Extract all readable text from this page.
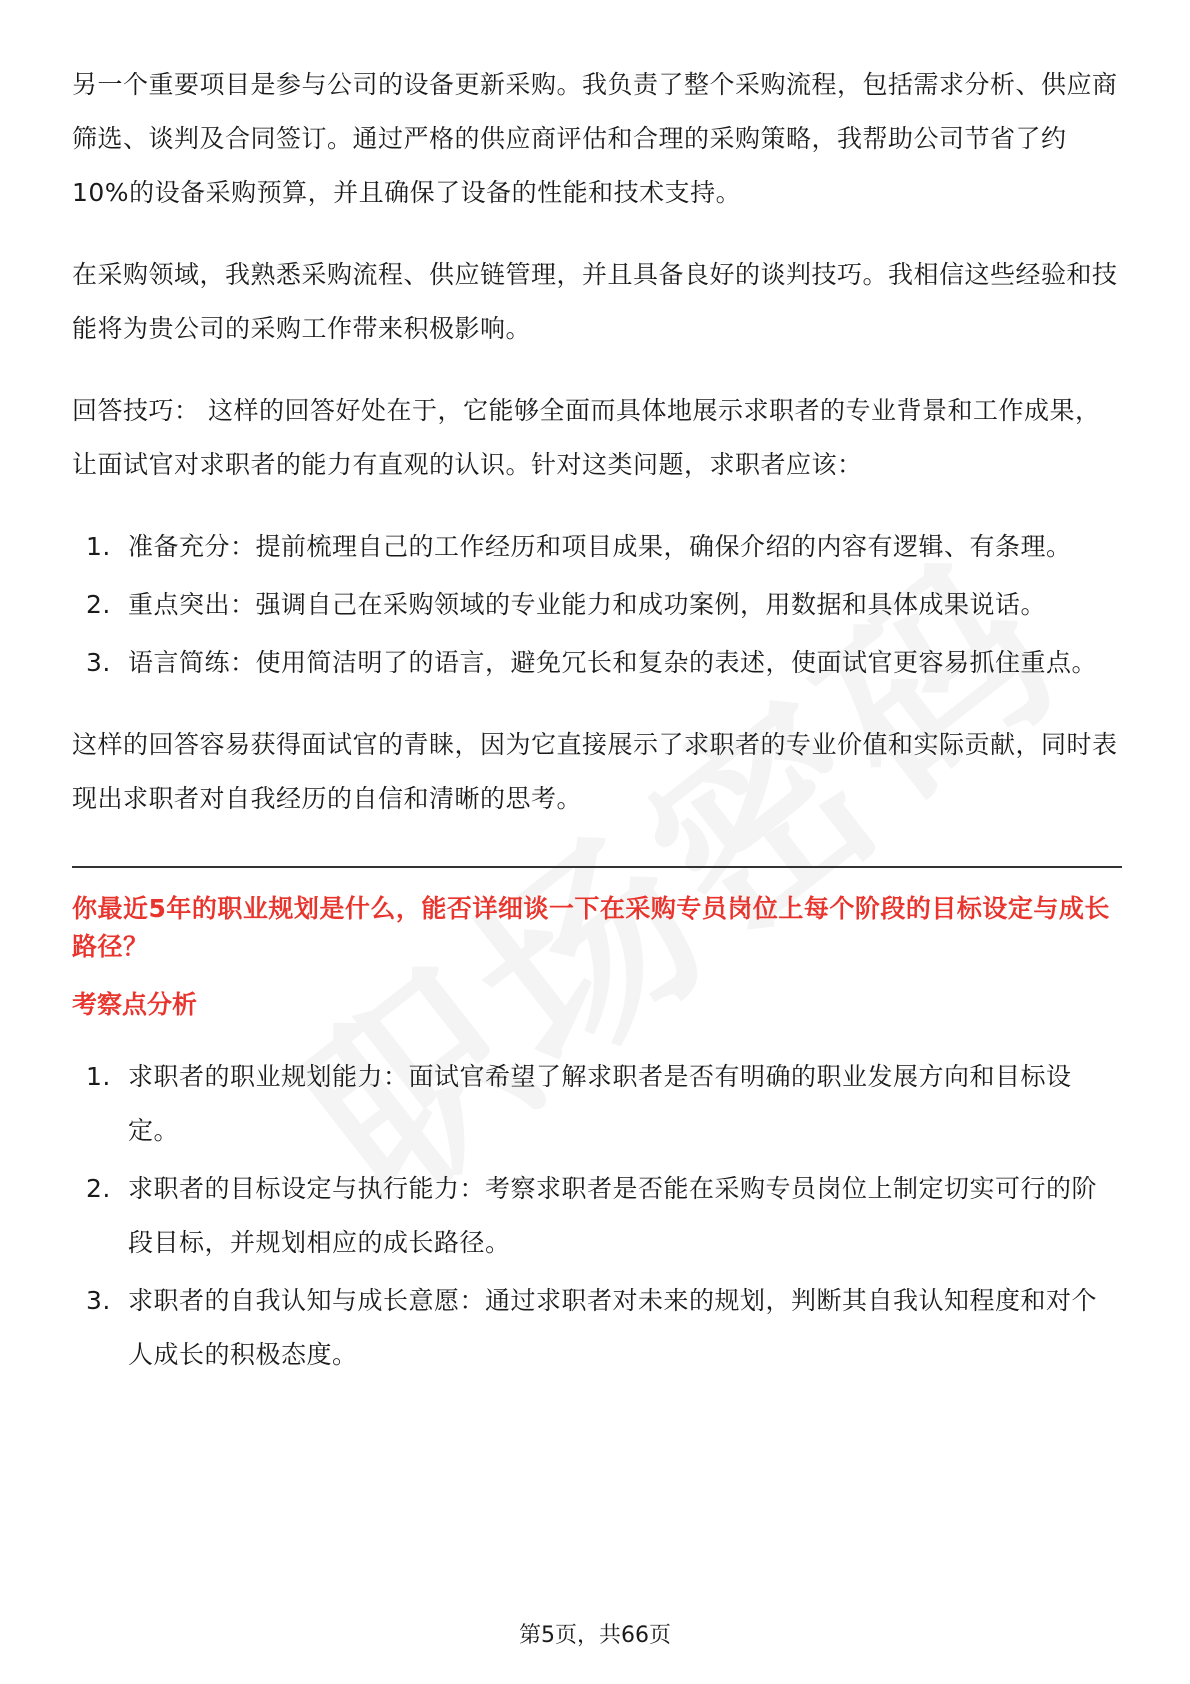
另一个重要项目是参与公司的设备更新采购。我负责了整个采购流程，包括需求分析、供应商筛选、谈判及合同签订。通过严格的供应商评估和合理的采购策略，我帮助公司节省了约10%的设备采购预算，并且确保了设备的性能和技术支持。

在采购领域，我熟悉采购流程、供应链管理，并且具备良好的谈判技巧。我相信这些经验和技能将为贵公司的采购工作带来积极影响。

回答技巧： 这样的回答好处在于，它能够全面而具体地展示求职者的专业背景和工作成果，让面试官对求职者的能力有直观的认识。针对这类问题，求职者应该：

1. 准备充分：提前梳理自己的工作经历和项目成果，确保介绍的内容有逻辑、有条理。
2. 重点突出：强调自己在采购领域的专业能力和成功案例，用数据和具体成果说话。
3. 语言简练：使用简洁明了的语言，避免冗长和复杂的表述，使面试官更容易抓住重点。

这样的回答容易获得面试官的青睐，因为它直接展示了求职者的专业价值和实际贡献，同时表现出求职者对自我经历的自信和清晰的思考。

你最近5年的职业规划是什么，能否详细谈一下在采购专员岗位上每个阶段的目标设定与成长路径？
考察点分析
1. 求职者的职业规划能力：面试官希望了解求职者是否有明确的职业发展方向和目标设定。
2. 求职者的目标设定与执行能力：考察求职者是否能在采购专员岗位上制定切实可行的阶段目标，并规划相应的成长路径。
3. 求职者的自我认知与成长意愿：通过求职者对未来的规划，判断其自我认知程度和对个人成长的积极态度。
第5页，共66页
